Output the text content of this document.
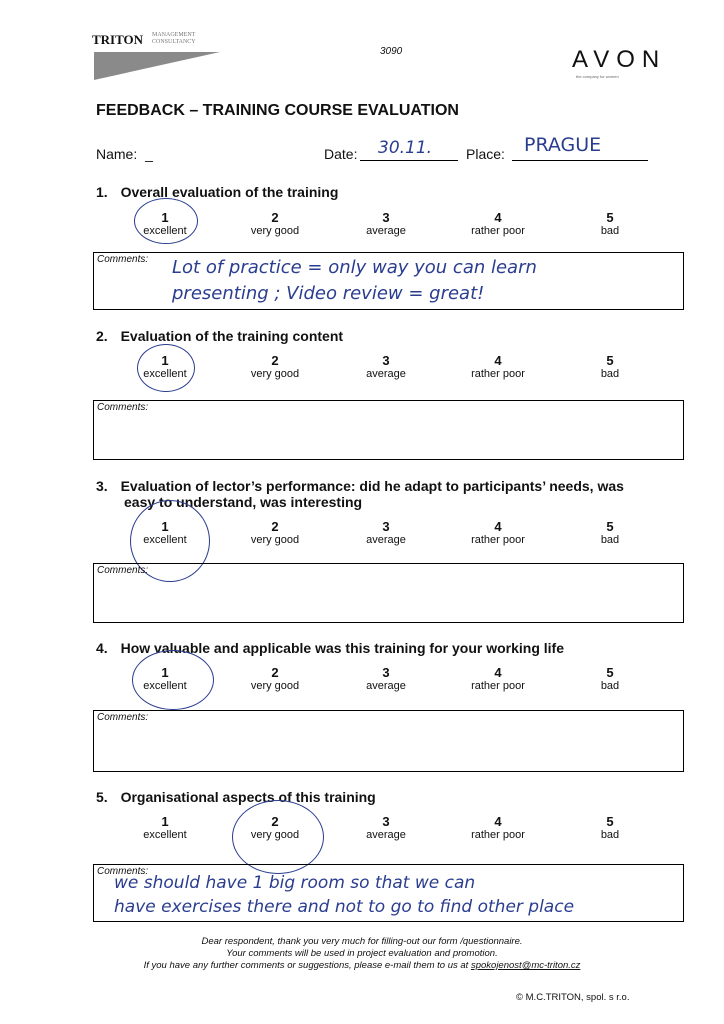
TRITON MANAGEMENT
CONSULTANCY
3090	AVON
the company for women
FEEDBACK – TRAINING COURSE EVALUATION
Name: _	Date: 30.11. Place: PRAGUE
1. Overall evaluation of the training
1
excellent
2
very good
3
average
4
rather poor
5
bad
Comments: Lot of practice = only way you can learn
presenting ; Video review = great!
2. Evaluation of the training content
1
excellent
2
very good
3
average
4
rather poor
5
bad
Comments:
3. Evaluation of lector’s performance: did he adapt to participants’ needs, was
easy to understand, was interesting
1
excellent
2
very good
3
average
4
rather poor
5
bad
Comments:
4. How valuable and applicable was this training for your working life
1
excellent
2
very good
3
average
4
rather poor
5
bad
Comments:
5. Organisational aspects of this training
1
excellent
2
very good
3
average
4
rather poor
5
bad
Comments:
we should have 1 big room so that we can
have exercises there and not to go to find other place
Dear respondent, thank you very much for filling-out our form /questionnaire.
Your comments will be used in project evaluation and promotion.
If you have any further comments or suggestions, please e-mail them to us at spokojenost@mc-triton.cz
© M.C.TRITON, spol. s r.o.
